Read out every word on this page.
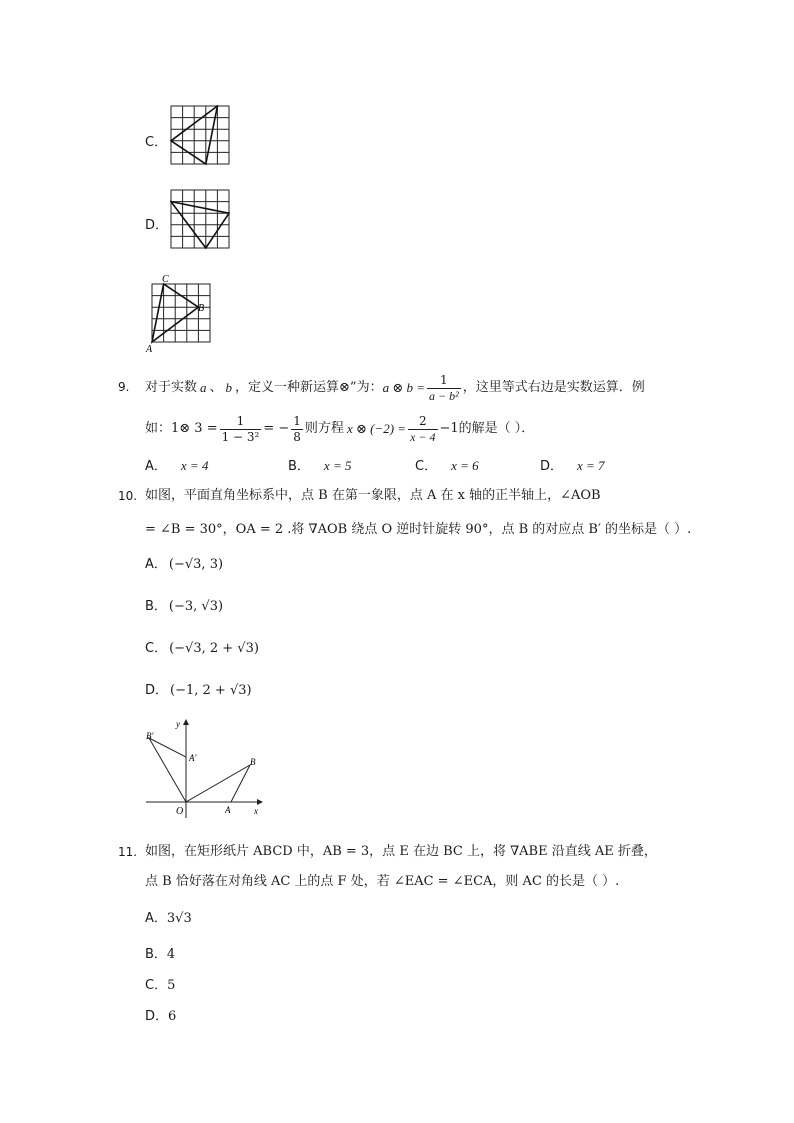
C．
D．
C
B
A
9. 对于实数 a 、 b ，定义一种新运算⊗”为： a ⊗ $b = \frac{1}{\text{a − b²}}$ ，这里等式右边是实数运算．例
如：1⊗ $3 = \frac{1}{\text{1 − 3²}}$ = − $\frac{1}{8}$ 则方程 x ⊗ $(-2) = \frac{2}{x - 4} -1$的解是（ ）．
A． x = 4	B． x = 5	C． x = 6	D． x = 7
10. 如图，平面直角坐标系中，点 B 在第一象限，点 A 在 x 轴的正半轴上，∠AOB
= ∠B = 30°，OA = 2 .将 ∇AOB 绕点 O 逆时针旋转 90°，点 B 的对应点 B′ 的坐标是（ ）.
A． (−√3, 3)
B． (−3, √3)
C． (−√3, 2 + √3)
D． (−1, 2 + √3)
y
x
O	A
B
A′
B′
11. 如图，在矩形纸片 ABCD 中，AB = 3，点 E 在边 BC 上，将 ∇ABE 沿直线 AE 折叠，
点 B 恰好落在对角线 AC 上的点 F 处，若 ∠EAC = ∠ECA，则 AC 的长是（ ）.
A．3√3
B．4
C．5
D．6
